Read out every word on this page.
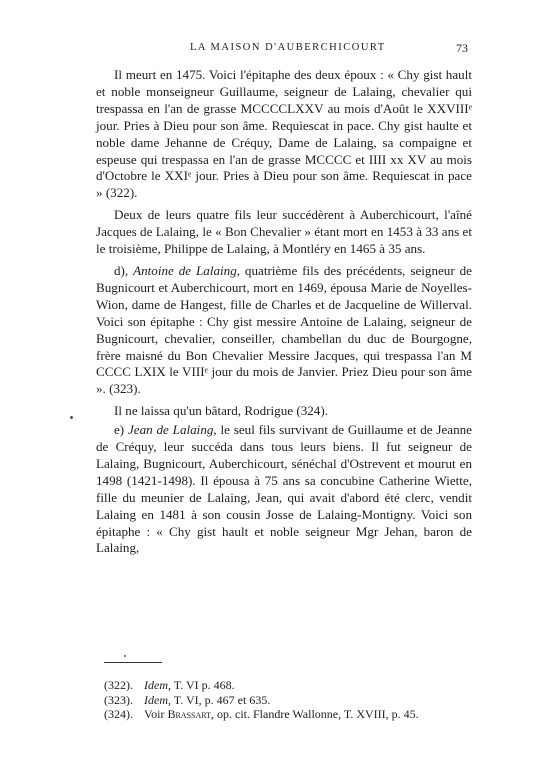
LA MAISON D'AUBERCHICOURT	73

Il meurt en 1475. Voici l'épitaphe des deux époux : « Chy gist hault et noble monseigneur Guillaume, seigneur de Lalaing, chevalier qui trespassa en l'an de grasse MCCCCLXXV au mois d'Août le XXVIIIᵉ jour. Pries à Dieu pour son âme. Requiescat in pace. Chy gist haulte et noble dame Jehanne de Créquy, Dame de Lalaing, sa compaigne et espeuse qui trespassa en l'an de grasse MCCCC et IIII xx XV au mois d'Octobre le XXIᵉ jour. Pries à Dieu pour son âme. Requiescat in pace » (322).

Deux de leurs quatre fils leur succédèrent à Auberchicourt, l'aîné Jacques de Lalaing, le « Bon Chevalier » étant mort en 1453 à 33 ans et le troisième, Philippe de Lalaing, à Montléry en 1465 à 35 ans.

d), Antoine de Lalaing, quatrième fils des précédents, seigneur de Bugnicourt et Auberchicourt, mort en 1469, épousa Marie de Noyelles-Wion, dame de Hangest, fille de Charles et de Jacqueline de Willerval. Voici son épitaphe : Chy gist messire Antoine de Lalaing, seigneur de Bugnicourt, chevalier, conseiller, chambellan du duc de Bourgogne, frère maisné du Bon Chevalier Messire Jacques, qui trespassa l'an M CCCC LXIX le VIIIᵉ jour du mois de Janvier. Priez Dieu pour son âme ». (323).

Il ne laissa qu'un bâtard, Rodrigue (324).

e) Jean de Lalaing, le seul fils survivant de Guillaume et de Jeanne de Créquy, leur succéda dans tous leurs biens. Il fut seigneur de Lalaing, Bugnicourt, Auberchicourt, sénéchal d'Ostrevent et mourut en 1498 (1421-1498). Il épousa à 75 ans sa concubine Catherine Wiette, fille du meunier de Lalaing, Jean, qui avait d'abord été clerc, vendit Lalaing en 1481 à son cousin Josse de Lalaing-Montigny. Voici son épitaphe : « Chy gist hault et noble seigneur Mgr Jehan, baron de Lalaing,

(322). Idem, T. VI p. 468.

(323). Idem, T. VI, p. 467 et 635.

(324). Voir Brassart, op. cit. Flandre Wallonne, T. XVIII, p. 45.
